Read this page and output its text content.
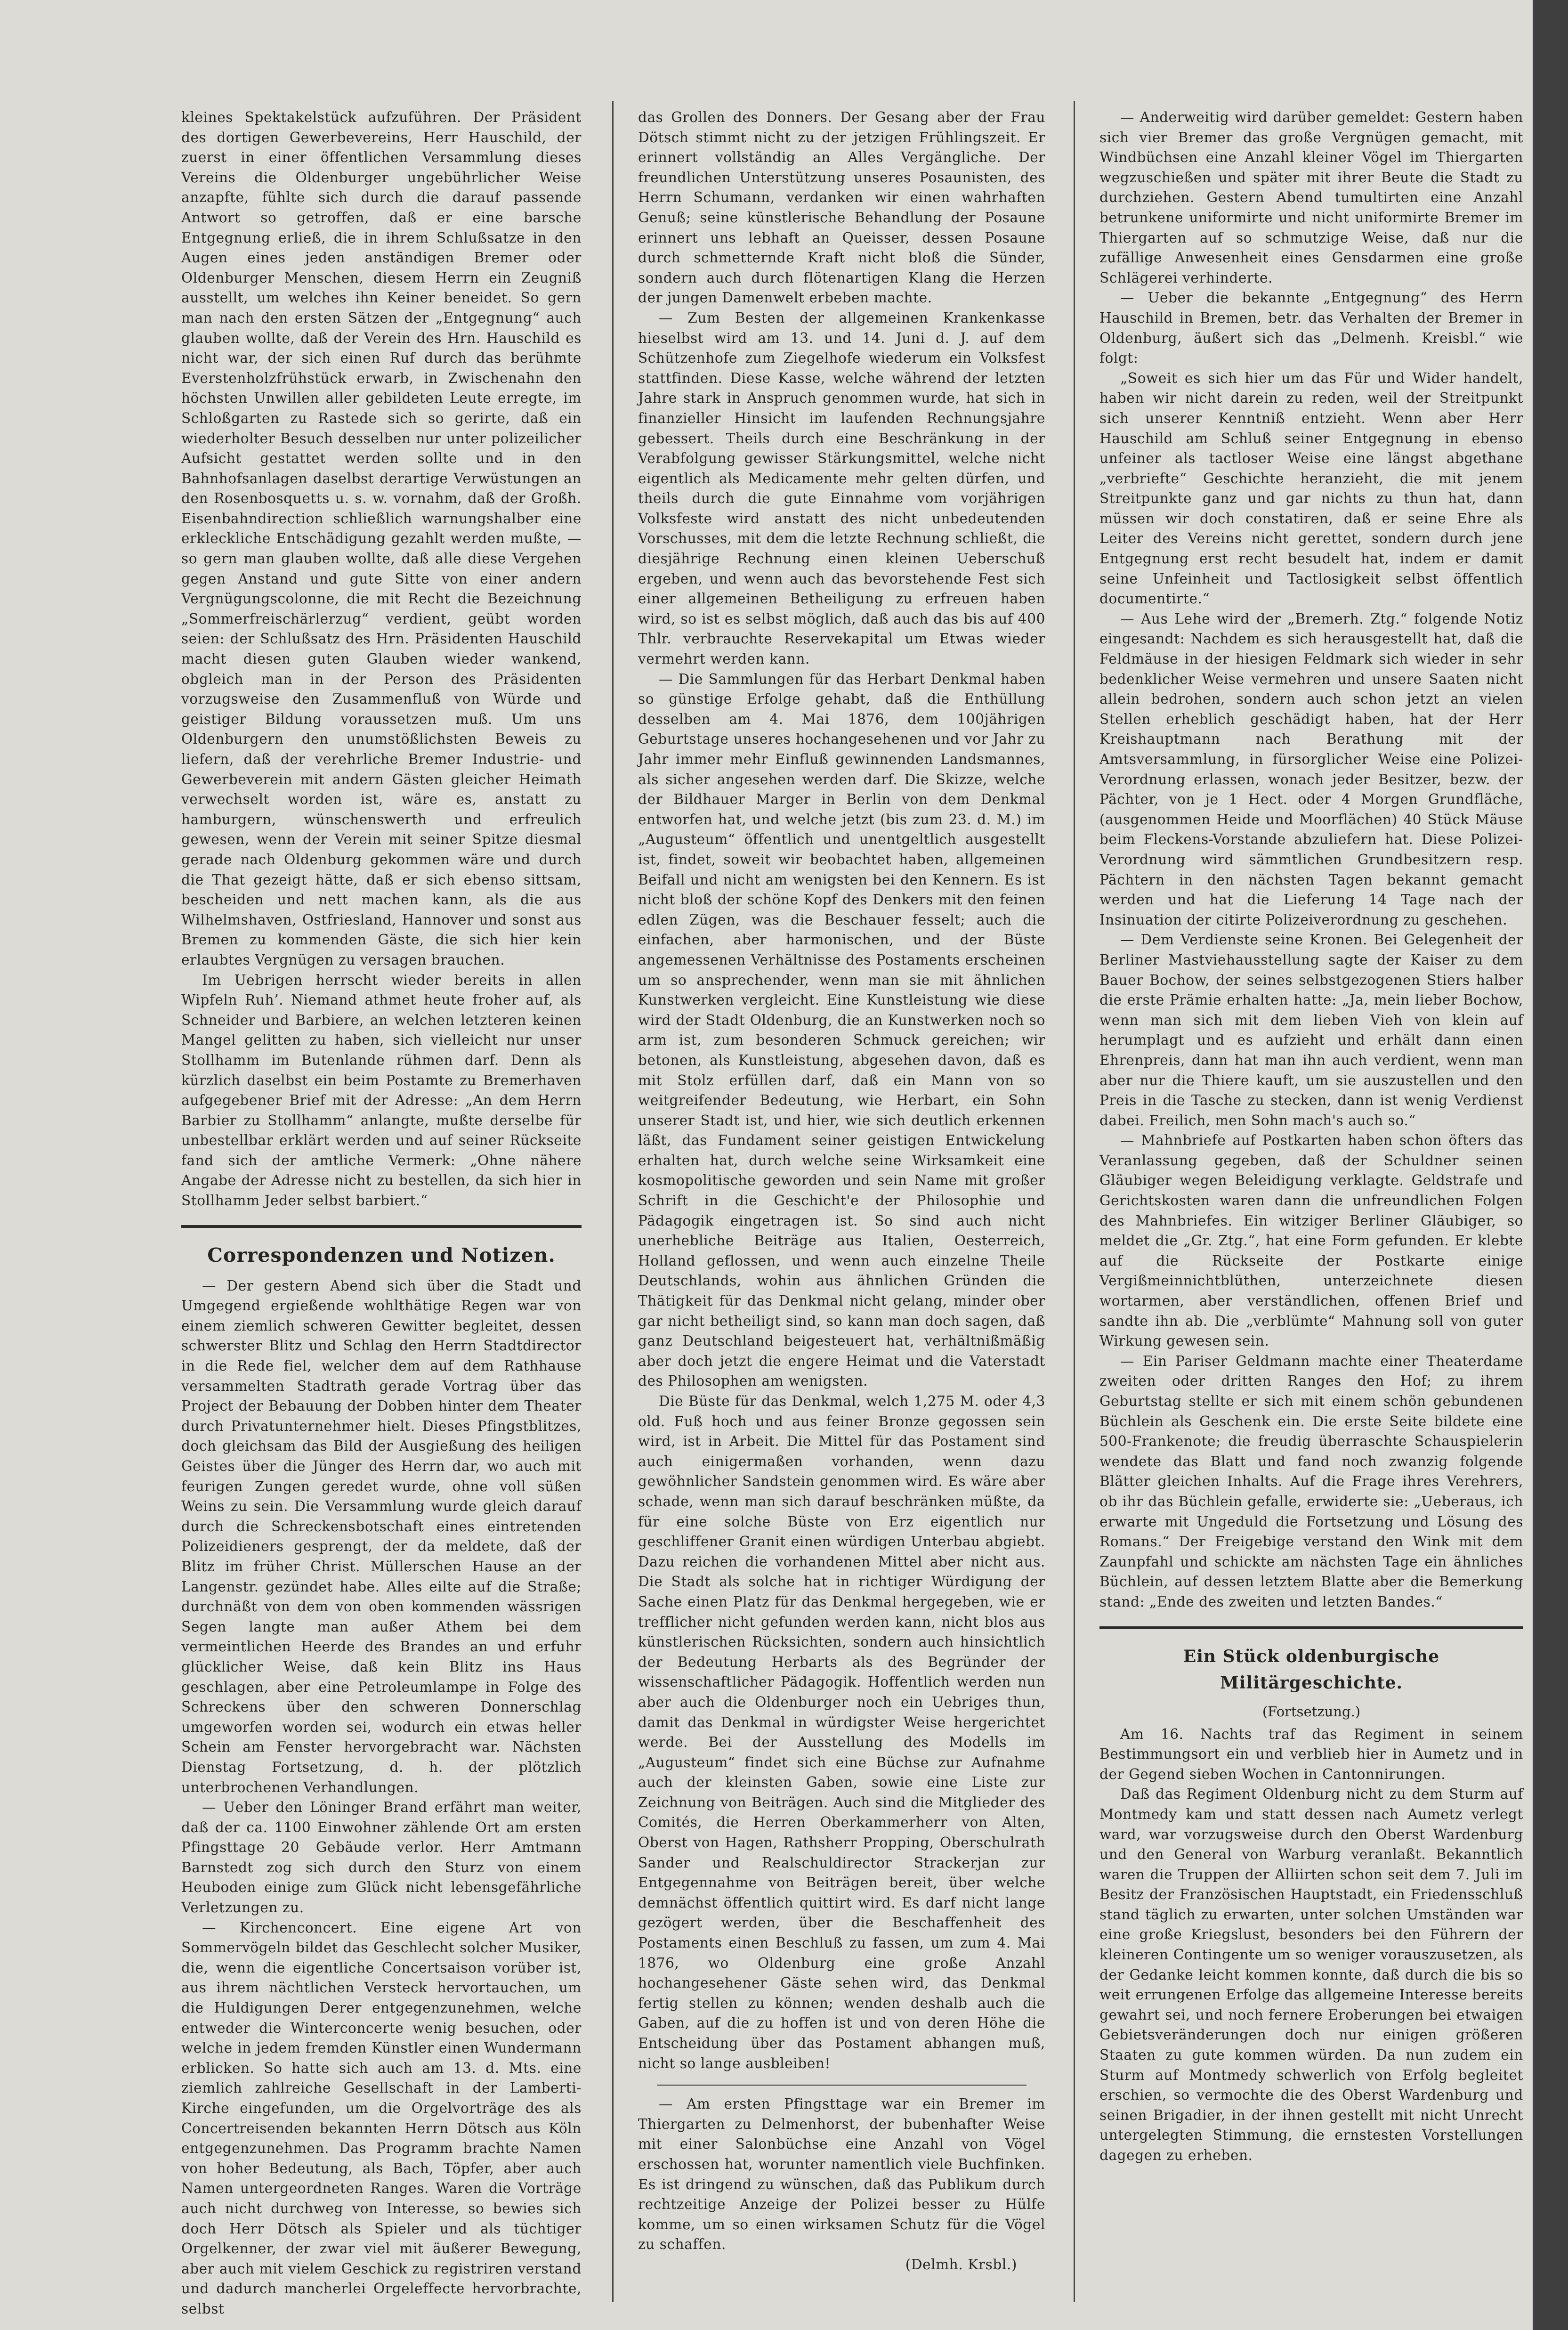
kleines Spektakelstück aufzuführen. Der Präsident des dortigen Gewerbevereins, Herr Hauschild, der zuerst in einer öffentlichen Versammlung dieses Vereins die Oldenburger ungebührlicher Weise anzapfte, fühlte sich durch die darauf passende Antwort so getroffen, daß er eine barsche Entgegnung erließ, die in ihrem Schlußsatze in den Augen eines jeden anständigen Bremer oder Oldenburger Menschen, diesem Herrn ein Zeugniß ausstellt, um welches ihn Keiner beneidet. So gern man nach den ersten Sätzen der „Entgegnung“ auch glauben wollte, daß der Verein des Hrn. Hauschild es nicht war, der sich einen Ruf durch das berühmte Everstenholzfrühstück erwarb, in Zwischenahn den höchsten Unwillen aller gebildeten Leute erregte, im Schloßgarten zu Rastede sich so gerirte, daß ein wiederholter Besuch desselben nur unter polizeilicher Aufsicht gestattet werden sollte und in den Bahnhofsanlagen daselbst derartige Verwüstungen an den Rosenbosquetts u. s. w. vornahm, daß der Großh. Eisenbahndirection schließlich warnungshalber eine erkleckliche Entschädigung gezahlt werden mußte, — so gern man glauben wollte, daß alle diese Vergehen gegen Anstand und gute Sitte von einer andern Vergnügungscolonne, die mit Recht die Bezeichnung „Sommerfreischärlerzug“ verdient, geübt worden seien: der Schlußsatz des Hrn. Präsidenten Hauschild macht diesen guten Glauben wieder wankend, obgleich man in der Person des Präsidenten vorzugsweise den Zusammenfluß von Würde und geistiger Bildung voraussetzen muß. Um uns Oldenburgern den unumstößlichsten Beweis zu liefern, daß der verehrliche Bremer Industrie- und Gewerbeverein mit andern Gästen gleicher Heimath verwechselt worden ist, wäre es, anstatt zu hamburgern, wünschenswerth und erfreulich gewesen, wenn der Verein mit seiner Spitze diesmal gerade nach Oldenburg gekommen wäre und durch die That gezeigt hätte, daß er sich ebenso sittsam, bescheiden und nett machen kann, als die aus Wilhelmshaven, Ostfriesland, Hannover und sonst aus Bremen zu kommenden Gäste, die sich hier kein erlaubtes Vergnügen zu versagen brauchen.

Im Uebrigen herrscht wieder bereits in allen Wipfeln Ruh’. Niemand athmet heute froher auf, als Schneider und Barbiere, an welchen letzteren keinen Mangel gelitten zu haben, sich vielleicht nur unser Stollhamm im Butenlande rühmen darf. Denn als kürzlich daselbst ein beim Postamte zu Bremerhaven aufgegebener Brief mit der Adresse: „An dem Herrn Barbier zu Stollhamm“ anlangte, mußte derselbe für unbestellbar erklärt werden und auf seiner Rückseite fand sich der amtliche Vermerk: „Ohne nähere Angabe der Adresse nicht zu bestellen, da sich hier in Stollhamm Jeder selbst barbiert.“

Correspondenzen und Notizen.

— Der gestern Abend sich über die Stadt und Umgegend ergießende wohlthätige Regen war von einem ziemlich schweren Gewitter begleitet, dessen schwerster Blitz und Schlag den Herrn Stadtdirector in die Rede fiel, welcher dem auf dem Rathhause versammelten Stadtrath gerade Vortrag über das Project der Bebauung der Dobben hinter dem Theater durch Privatunternehmer hielt. Dieses Pfingstblitzes, doch gleichsam das Bild der Ausgießung des heiligen Geistes über die Jünger des Herrn dar, wo auch mit feurigen Zungen geredet wurde, ohne voll süßen Weins zu sein. Die Versammlung wurde gleich darauf durch die Schreckensbotschaft eines eintretenden Polizeidieners gesprengt, der da meldete, daß der Blitz im früher Christ. Müllerschen Hause an der Langenstr. gezündet habe. Alles eilte auf die Straße; durchnäßt von dem von oben kommenden wässrigen Segen langte man außer Athem bei dem vermeintlichen Heerde des Brandes an und erfuhr glücklicher Weise, daß kein Blitz ins Haus geschlagen, aber eine Petroleumlampe in Folge des Schreckens über den schweren Donnerschlag umgeworfen worden sei, wodurch ein etwas heller Schein am Fenster hervorgebracht war. Nächsten Dienstag Fortsetzung, d. h. der plötzlich unterbrochenen Verhandlungen.

— Ueber den Löninger Brand erfährt man weiter, daß der ca. 1100 Einwohner zählende Ort am ersten Pfingsttage 20 Gebäude verlor. Herr Amtmann Barnstedt zog sich durch den Sturz von einem Heuboden einige zum Glück nicht lebensgefährliche Verletzungen zu.

— Kirchenconcert. Eine eigene Art von Sommervögeln bildet das Geschlecht solcher Musiker, die, wenn die eigentliche Concertsaison vorüber ist, aus ihrem nächtlichen Versteck hervortauchen, um die Huldigungen Derer entgegenzunehmen, welche entweder die Winterconcerte wenig besuchen, oder welche in jedem fremden Künstler einen Wundermann erblicken. So hatte sich auch am 13. d. Mts. eine ziemlich zahlreiche Gesellschaft in der Lamberti-Kirche eingefunden, um die Orgelvorträge des als Concertreisenden bekannten Herrn Dötsch aus Köln entgegenzunehmen. Das Programm brachte Namen von hoher Bedeutung, als Bach, Töpfer, aber auch Namen untergeordneten Ranges. Waren die Vorträge auch nicht durchweg von Interesse, so bewies sich doch Herr Dötsch als Spieler und als tüchtiger Orgelkenner, der zwar viel mit äußerer Bewegung, aber auch mit vielem Geschick zu registriren verstand und dadurch mancherlei Orgeleffecte hervorbrachte, selbst

das Grollen des Donners. Der Gesang aber der Frau Dötsch stimmt nicht zu der jetzigen Frühlingszeit. Er erinnert vollständig an Alles Vergängliche. Der freundlichen Unterstützung unseres Posaunisten, des Herrn Schumann, verdanken wir einen wahrhaften Genuß; seine künstlerische Behandlung der Posaune erinnert uns lebhaft an Queisser, dessen Posaune durch schmetternde Kraft nicht bloß die Sünder, sondern auch durch flötenartigen Klang die Herzen der jungen Damenwelt erbeben machte.

— Zum Besten der allgemeinen Krankenkasse hieselbst wird am 13. und 14. Juni d. J. auf dem Schützenhofe zum Ziegelhofe wiederum ein Volksfest stattfinden. Diese Kasse, welche während der letzten Jahre stark in Anspruch genommen wurde, hat sich in finanzieller Hinsicht im laufenden Rechnungsjahre gebessert. Theils durch eine Beschränkung in der Verabfolgung gewisser Stärkungsmittel, welche nicht eigentlich als Medicamente mehr gelten dürfen, und theils durch die gute Einnahme vom vorjährigen Volksfeste wird anstatt des nicht unbedeutenden Vorschusses, mit dem die letzte Rechnung schließt, die diesjährige Rechnung einen kleinen Ueberschuß ergeben, und wenn auch das bevorstehende Fest sich einer allgemeinen Betheiligung zu erfreuen haben wird, so ist es selbst möglich, daß auch das bis auf 400 Thlr. verbrauchte Reservekapital um Etwas wieder vermehrt werden kann.

— Die Sammlungen für das Herbart Denkmal haben so günstige Erfolge gehabt, daß die Enthüllung desselben am 4. Mai 1876, dem 100jährigen Geburtstage unseres hochangesehenen und vor Jahr zu Jahr immer mehr Einfluß gewinnenden Landsmannes, als sicher angesehen werden darf. Die Skizze, welche der Bildhauer Marger in Berlin von dem Denkmal entworfen hat, und welche jetzt (bis zum 23. d. M.) im „Augusteum“ öffentlich und unentgeltlich ausgestellt ist, findet, soweit wir beobachtet haben, allgemeinen Beifall und nicht am wenigsten bei den Kennern. Es ist nicht bloß der schöne Kopf des Denkers mit den feinen edlen Zügen, was die Beschauer fesselt; auch die einfachen, aber harmonischen, und der Büste angemessenen Verhältnisse des Postaments erscheinen um so ansprechender, wenn man sie mit ähnlichen Kunstwerken vergleicht. Eine Kunstleistung wie diese wird der Stadt Oldenburg, die an Kunstwerken noch so arm ist, zum besonderen Schmuck gereichen; wir betonen, als Kunstleistung, abgesehen davon, daß es mit Stolz erfüllen darf, daß ein Mann von so weitgreifender Bedeutung, wie Herbart, ein Sohn unserer Stadt ist, und hier, wie sich deutlich erkennen läßt, das Fundament seiner geistigen Entwickelung erhalten hat, durch welche seine Wirksamkeit eine kosmopolitische geworden und sein Name mit großer Schrift in die Geschicht'e der Philosophie und Pädagogik eingetragen ist. So sind auch nicht unerhebliche Beiträge aus Italien, Oesterreich, Holland geflossen, und wenn auch einzelne Theile Deutschlands, wohin aus ähnlichen Gründen die Thätigkeit für das Denkmal nicht gelang, minder ober gar nicht betheiligt sind, so kann man doch sagen, daß ganz Deutschland beigesteuert hat, verhältnißmäßig aber doch jetzt die engere Heimat und die Vaterstadt des Philosophen am wenigsten.

Die Büste für das Denkmal, welch 1,275 M. oder 4,3 old. Fuß hoch und aus feiner Bronze gegossen sein wird, ist in Arbeit. Die Mittel für das Postament sind auch einigermaßen vorhanden, wenn dazu gewöhnlicher Sandstein genommen wird. Es wäre aber schade, wenn man sich darauf beschränken müßte, da für eine solche Büste von Erz eigentlich nur geschliffener Granit einen würdigen Unterbau abgiebt. Dazu reichen die vorhandenen Mittel aber nicht aus. Die Stadt als solche hat in richtiger Würdigung der Sache einen Platz für das Denkmal hergegeben, wie er trefflicher nicht gefunden werden kann, nicht blos aus künstlerischen Rücksichten, sondern auch hinsichtlich der Bedeutung Herbarts als des Begründer der wissenschaftlicher Pädagogik. Hoffentlich werden nun aber auch die Oldenburger noch ein Uebriges thun, damit das Denkmal in würdigster Weise hergerichtet werde. Bei der Ausstellung des Modells im „Augusteum“ findet sich eine Büchse zur Aufnahme auch der kleinsten Gaben, sowie eine Liste zur Zeichnung von Beiträgen. Auch sind die Mitglieder des Comités, die Herren Oberkammerherr von Alten, Oberst von Hagen, Rathsherr Propping, Oberschulrath Sander und Realschuldirector Strackerjan zur Entgegennahme von Beiträgen bereit, über welche demnächst öffentlich quittirt wird. Es darf nicht lange gezögert werden, über die Beschaffenheit des Postaments einen Beschluß zu fassen, um zum 4. Mai 1876, wo Oldenburg eine große Anzahl hochangesehener Gäste sehen wird, das Denkmal fertig stellen zu können; wenden deshalb auch die Gaben, auf die zu hoffen ist und von deren Höhe die Entscheidung über das Postament abhangen muß, nicht so lange ausbleiben!

— Am ersten Pfingsttage war ein Bremer im Thiergarten zu Delmenhorst, der bubenhafter Weise mit einer Salonbüchse eine Anzahl von Vögel erschossen hat, worunter namentlich viele Buchfinken. Es ist dringend zu wünschen, daß das Publikum durch rechtzeitige Anzeige der Polizei besser zu Hülfe komme, um so einen wirksamen Schutz für die Vögel zu schaffen.

(Delmh. Krsbl.)

— Anderweitig wird darüber gemeldet: Gestern haben sich vier Bremer das große Vergnügen gemacht, mit Windbüchsen eine Anzahl kleiner Vögel im Thiergarten wegzuschießen und später mit ihrer Beute die Stadt zu durchziehen. Gestern Abend tumultirten eine Anzahl betrunkene uniformirte und nicht uniformirte Bremer im Thiergarten auf so schmutzige Weise, daß nur die zufällige Anwesenheit eines Gensdarmen eine große Schlägerei verhinderte.

— Ueber die bekannte „Entgegnung“ des Herrn Hauschild in Bremen, betr. das Verhalten der Bremer in Oldenburg, äußert sich das „Delmenh. Kreisbl.“ wie folgt:

„Soweit es sich hier um das Für und Wider handelt, haben wir nicht darein zu reden, weil der Streitpunkt sich unserer Kenntniß entzieht. Wenn aber Herr Hauschild am Schluß seiner Entgegnung in ebenso unfeiner als tactloser Weise eine längst abgethane „verbriefte“ Geschichte heranzieht, die mit jenem Streitpunkte ganz und gar nichts zu thun hat, dann müssen wir doch constatiren, daß er seine Ehre als Leiter des Vereins nicht gerettet, sondern durch jene Entgegnung erst recht besudelt hat, indem er damit seine Unfeinheit und Tactlosigkeit selbst öffentlich documentirte.“

— Aus Lehe wird der „Bremerh. Ztg.“ folgende Notiz eingesandt: Nachdem es sich herausgestellt hat, daß die Feldmäuse in der hiesigen Feldmark sich wieder in sehr bedenklicher Weise vermehren und unsere Saaten nicht allein bedrohen, sondern auch schon jetzt an vielen Stellen erheblich geschädigt haben, hat der Herr Kreishauptmann nach Berathung mit der Amtsversammlung, in fürsorglicher Weise eine Polizei-Verordnung erlassen, wonach jeder Besitzer, bezw. der Pächter, von je 1 Hect. oder 4 Morgen Grundfläche, (ausgenommen Heide und Moorflächen) 40 Stück Mäuse beim Fleckens-Vorstande abzuliefern hat. Diese Polizei-Verordnung wird sämmtlichen Grundbesitzern resp. Pächtern in den nächsten Tagen bekannt gemacht werden und hat die Lieferung 14 Tage nach der Insinuation der citirte Polizeiverordnung zu geschehen.

— Dem Verdienste seine Kronen. Bei Gelegenheit der Berliner Mastviehausstellung sagte der Kaiser zu dem Bauer Bochow, der seines selbstgezogenen Stiers halber die erste Prämie erhalten hatte: „Ja, mein lieber Bochow, wenn man sich mit dem lieben Vieh von klein auf herumplagt und es aufzieht und erhält dann einen Ehrenpreis, dann hat man ihn auch verdient, wenn man aber nur die Thiere kauft, um sie auszustellen und den Preis in die Tasche zu stecken, dann ist wenig Verdienst dabei. Freilich, men Sohn mach's auch so.“

— Mahnbriefe auf Postkarten haben schon öfters das Veranlassung gegeben, daß der Schuldner seinen Gläubiger wegen Beleidigung verklagte. Geldstrafe und Gerichtskosten waren dann die unfreundlichen Folgen des Mahnbriefes. Ein witziger Berliner Gläubiger, so meldet die „Gr. Ztg.“, hat eine Form gefunden. Er klebte auf die Rückseite der Postkarte einige Vergißmeinnichtblüthen, unterzeichnete diesen wortarmen, aber verständlichen, offenen Brief und sandte ihn ab. Die „verblümte“ Mahnung soll von guter Wirkung gewesen sein.

— Ein Pariser Geldmann machte einer Theaterdame zweiten oder dritten Ranges den Hof; zu ihrem Geburtstag stellte er sich mit einem schön gebundenen Büchlein als Geschenk ein. Die erste Seite bildete eine 500-Frankenote; die freudig überraschte Schauspielerin wendete das Blatt und fand noch zwanzig folgende Blätter gleichen Inhalts. Auf die Frage ihres Verehrers, ob ihr das Büchlein gefalle, erwiderte sie: „Ueberaus, ich erwarte mit Ungeduld die Fortsetzung und Lösung des Romans.“ Der Freigebige verstand den Wink mit dem Zaunpfahl und schickte am nächsten Tage ein ähnliches Büchlein, auf dessen letztem Blatte aber die Bemerkung stand: „Ende des zweiten und letzten Bandes.“

Ein Stück oldenburgische Militärgeschichte.
(Fortsetzung.)

Am 16. Nachts traf das Regiment in seinem Bestimmungsort ein und verblieb hier in Aumetz und in der Gegend sieben Wochen in Cantonnirungen.

Daß das Regiment Oldenburg nicht zu dem Sturm auf Montmedy kam und statt dessen nach Aumetz verlegt ward, war vorzugsweise durch den Oberst Wardenburg und den General von Warburg veranlaßt. Bekanntlich waren die Truppen der Alliirten schon seit dem 7. Juli im Besitz der Französischen Hauptstadt, ein Friedensschluß stand täglich zu erwarten, unter solchen Umständen war eine große Kriegslust, besonders bei den Führern der kleineren Contingente um so weniger vorauszusetzen, als der Gedanke leicht kommen konnte, daß durch die bis so weit errungenen Erfolge das allgemeine Interesse bereits gewahrt sei, und noch fernere Eroberungen bei etwaigen Gebietsveränderungen doch nur einigen größeren Staaten zu gute kommen würden. Da nun zudem ein Sturm auf Montmedy schwerlich von Erfolg begleitet erschien, so vermochte die des Oberst Wardenburg und seinen Brigadier, in der ihnen gestellt mit nicht Unrecht untergelegten Stimmung, die ernstesten Vorstellungen dagegen zu erheben.
